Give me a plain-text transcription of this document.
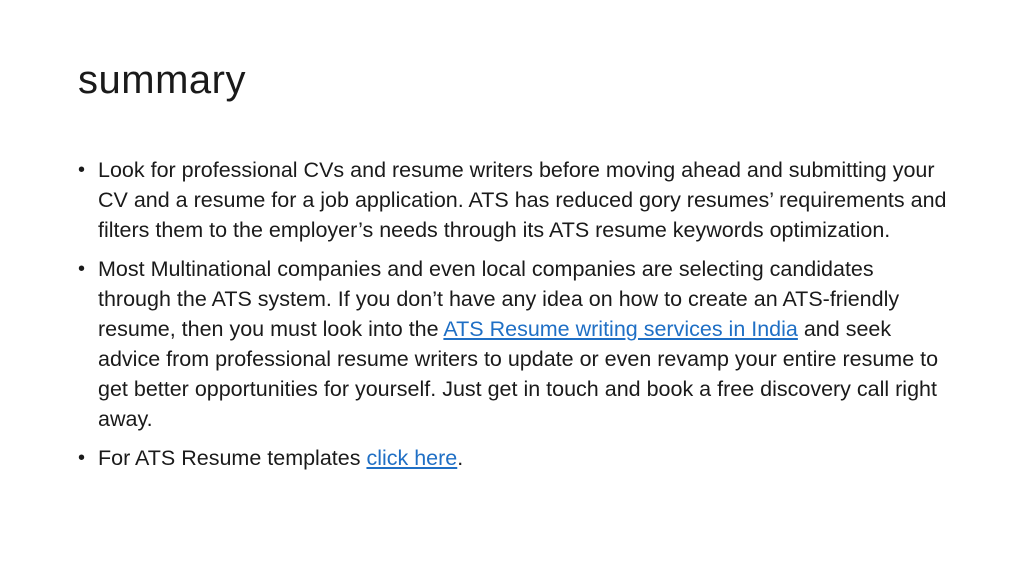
summary
• Look for professional CVs and resume writers before moving ahead and submitting your CV and a resume for a job application. ATS has reduced gory resumes’ requirements and filters them to the employer’s needs through its ATS resume keywords optimization.
• Most Multinational companies and even local companies are selecting candidates through the ATS system. If you don’t have any idea on how to create an ATS-friendly resume, then you must look into the ATS Resume writing services in India and seek advice from professional resume writers to update or even revamp your entire resume to get better opportunities for yourself. Just get in touch and book a free discovery call right away.
• For ATS Resume templates click here.
